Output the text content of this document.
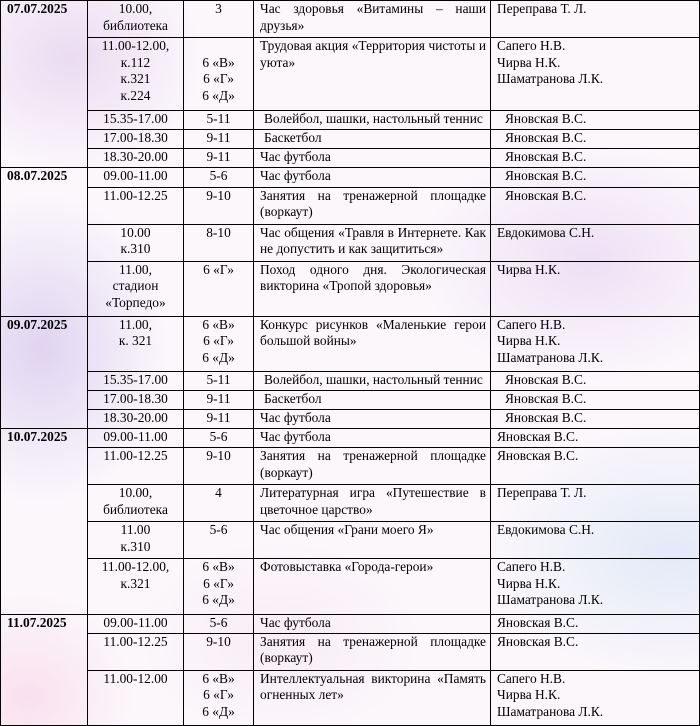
07.07.2025	10.00,
библиотека	3	Час здоровья «Витамины – наши друзья»	Переправа Т. Л.

	11.00-12.00,
к.112
к.321
к.224	6 «В»
6 «Г»
6 «Д»	Трудовая акция «Территория чистоты и уюта»	Сапего Н.В.
Чирва Н.К.
Шаматранова Л.К.

	15.35-17.00	5-11	Волейбол, шашки, настольный теннис	Яновская В.С.

	17.00-18.30	9-11	Баскетбол	Яновская В.С.

	18.30-20.00	9-11	Час футбола	Яновская В.С.

08.07.2025	09.00-11.00	5-6	Час футбола	Яновская В.С.

	11.00-12.25	9-10	Занятия на тренажерной площадке (воркаут)	Яновская В.С.

	10.00
к.310	8-10	Час общения «Травля в Интернете. Как не допустить и как защититься»	Евдокимова С.Н.

	11.00,
стадион
«Торпедо»	6 «Г»	Поход одного дня. Экологическая викторина «Тропой здоровья»	Чирва Н.К.

09.07.2025	11.00,
к. 321	6 «В»
6 «Г»
6 «Д»	Конкурс рисунков «Маленькие герои большой войны»	Сапего Н.В.
Чирва Н.К.
Шаматранова Л.К.

	15.35-17.00	5-11	Волейбол, шашки, настольный теннис	Яновская В.С.

	17.00-18.30	9-11	Баскетбол	Яновская В.С.

	18.30-20.00	9-11	Час футбола	Яновская В.С.

10.07.2025	09.00-11.00	5-6	Час футбола	Яновская В.С.

	11.00-12.25	9-10	Занятия на тренажерной площадке (воркаут)	Яновская В.С.

	10.00,
библиотека	4	Литературная игра «Путешествие в цветочное царство»	Переправа Т. Л.

	11.00
к.310	5-6	Час общения «Грани моего Я»	Евдокимова С.Н.

	11.00-12.00,
к.321	6 «В»
6 «Г»
6 «Д»	Фотовыставка «Города-герои»	Сапего Н.В.
Чирва Н.К.
Шаматранова Л.К.

11.07.2025	09.00-11.00	5-6	Час футбола	Яновская В.С.

	11.00-12.25	9-10	Занятия на тренажерной площадке (воркаут)	Яновская В.С.

	11.00-12.00	6 «В»
6 «Г»
6 «Д»	Интеллектуальная викторина «Память огненных лет»	Сапего Н.В.
Чирва Н.К.
Шаматранова Л.К.
